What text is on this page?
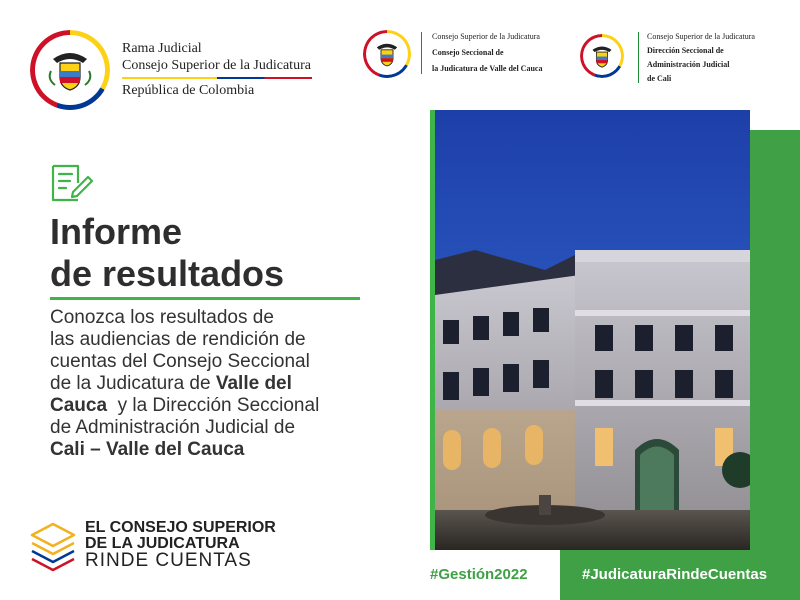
Rama Judicial
Consejo Superior de la Judicatura
República de Colombia
Consejo Superior de la Judicatura
Consejo Seccional de
la Judicatura de Valle del Cauca
Consejo Superior de la Judicatura
Dirección Seccional de
Administración Judicial
de Cali
Informe
de resultados
Conozca los resultados de
las audiencias de rendición de
cuentas del Consejo Seccional
de la Judicatura de Valle del
Cauca  y la Dirección Seccional
de Administración Judicial de
Cali – Valle del Cauca
EL CONSEJO SUPERIOR
DE LA JUDICATURA
RINDE CUENTAS
#Gestión2022	#JudicaturaRindeCuentas
